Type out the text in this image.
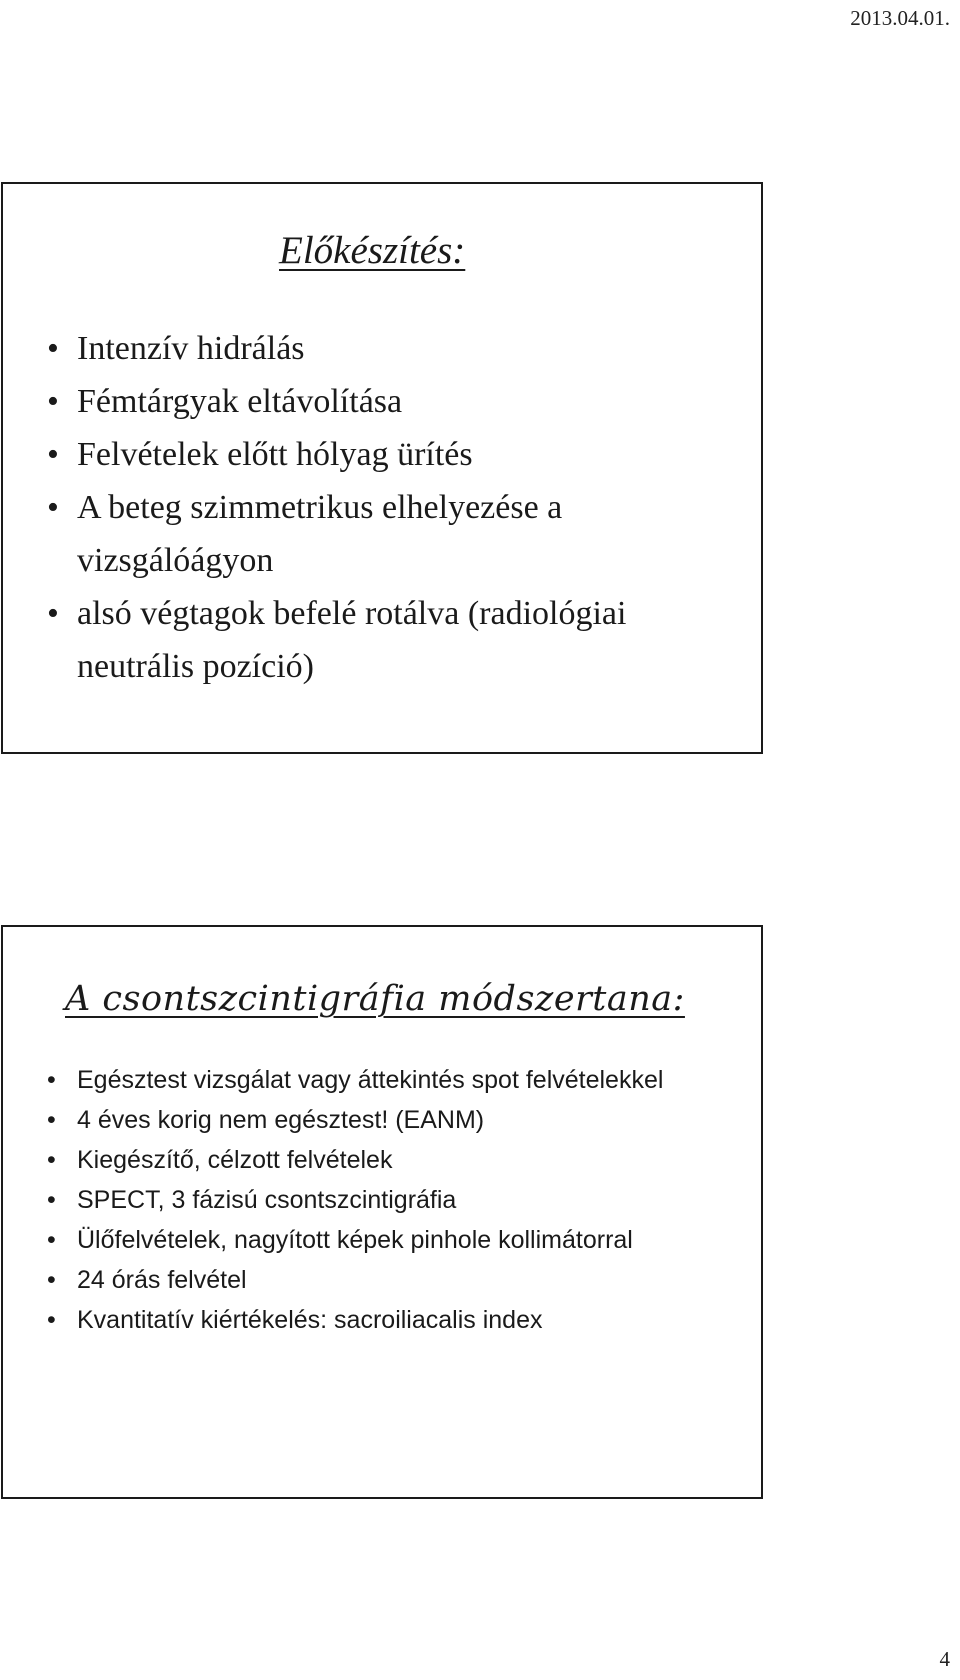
2013.04.01.
Előkészítés:
• Intenzív hidrálás
• Fémtárgyak eltávolítása
• Felvételek előtt hólyag ürítés
• A beteg szimmetrikus elhelyezése a vizsgálóágyon
• alsó végtagok befelé rotálva (radiológiai neutrális pozíció)
A csontszcintigráfia módszertana:
• Egésztest vizsgálat vagy áttekintés spot felvételekkel
• 4 éves korig nem egésztest! (EANM)
• Kiegészítő, célzott felvételek
• SPECT, 3 fázisú csontszcintigráfia
• Ülőfelvételek, nagyított képek pinhole kollimátorral
• 24 órás felvétel
• Kvantitatív kiértékelés: sacroiliacalis index
4
